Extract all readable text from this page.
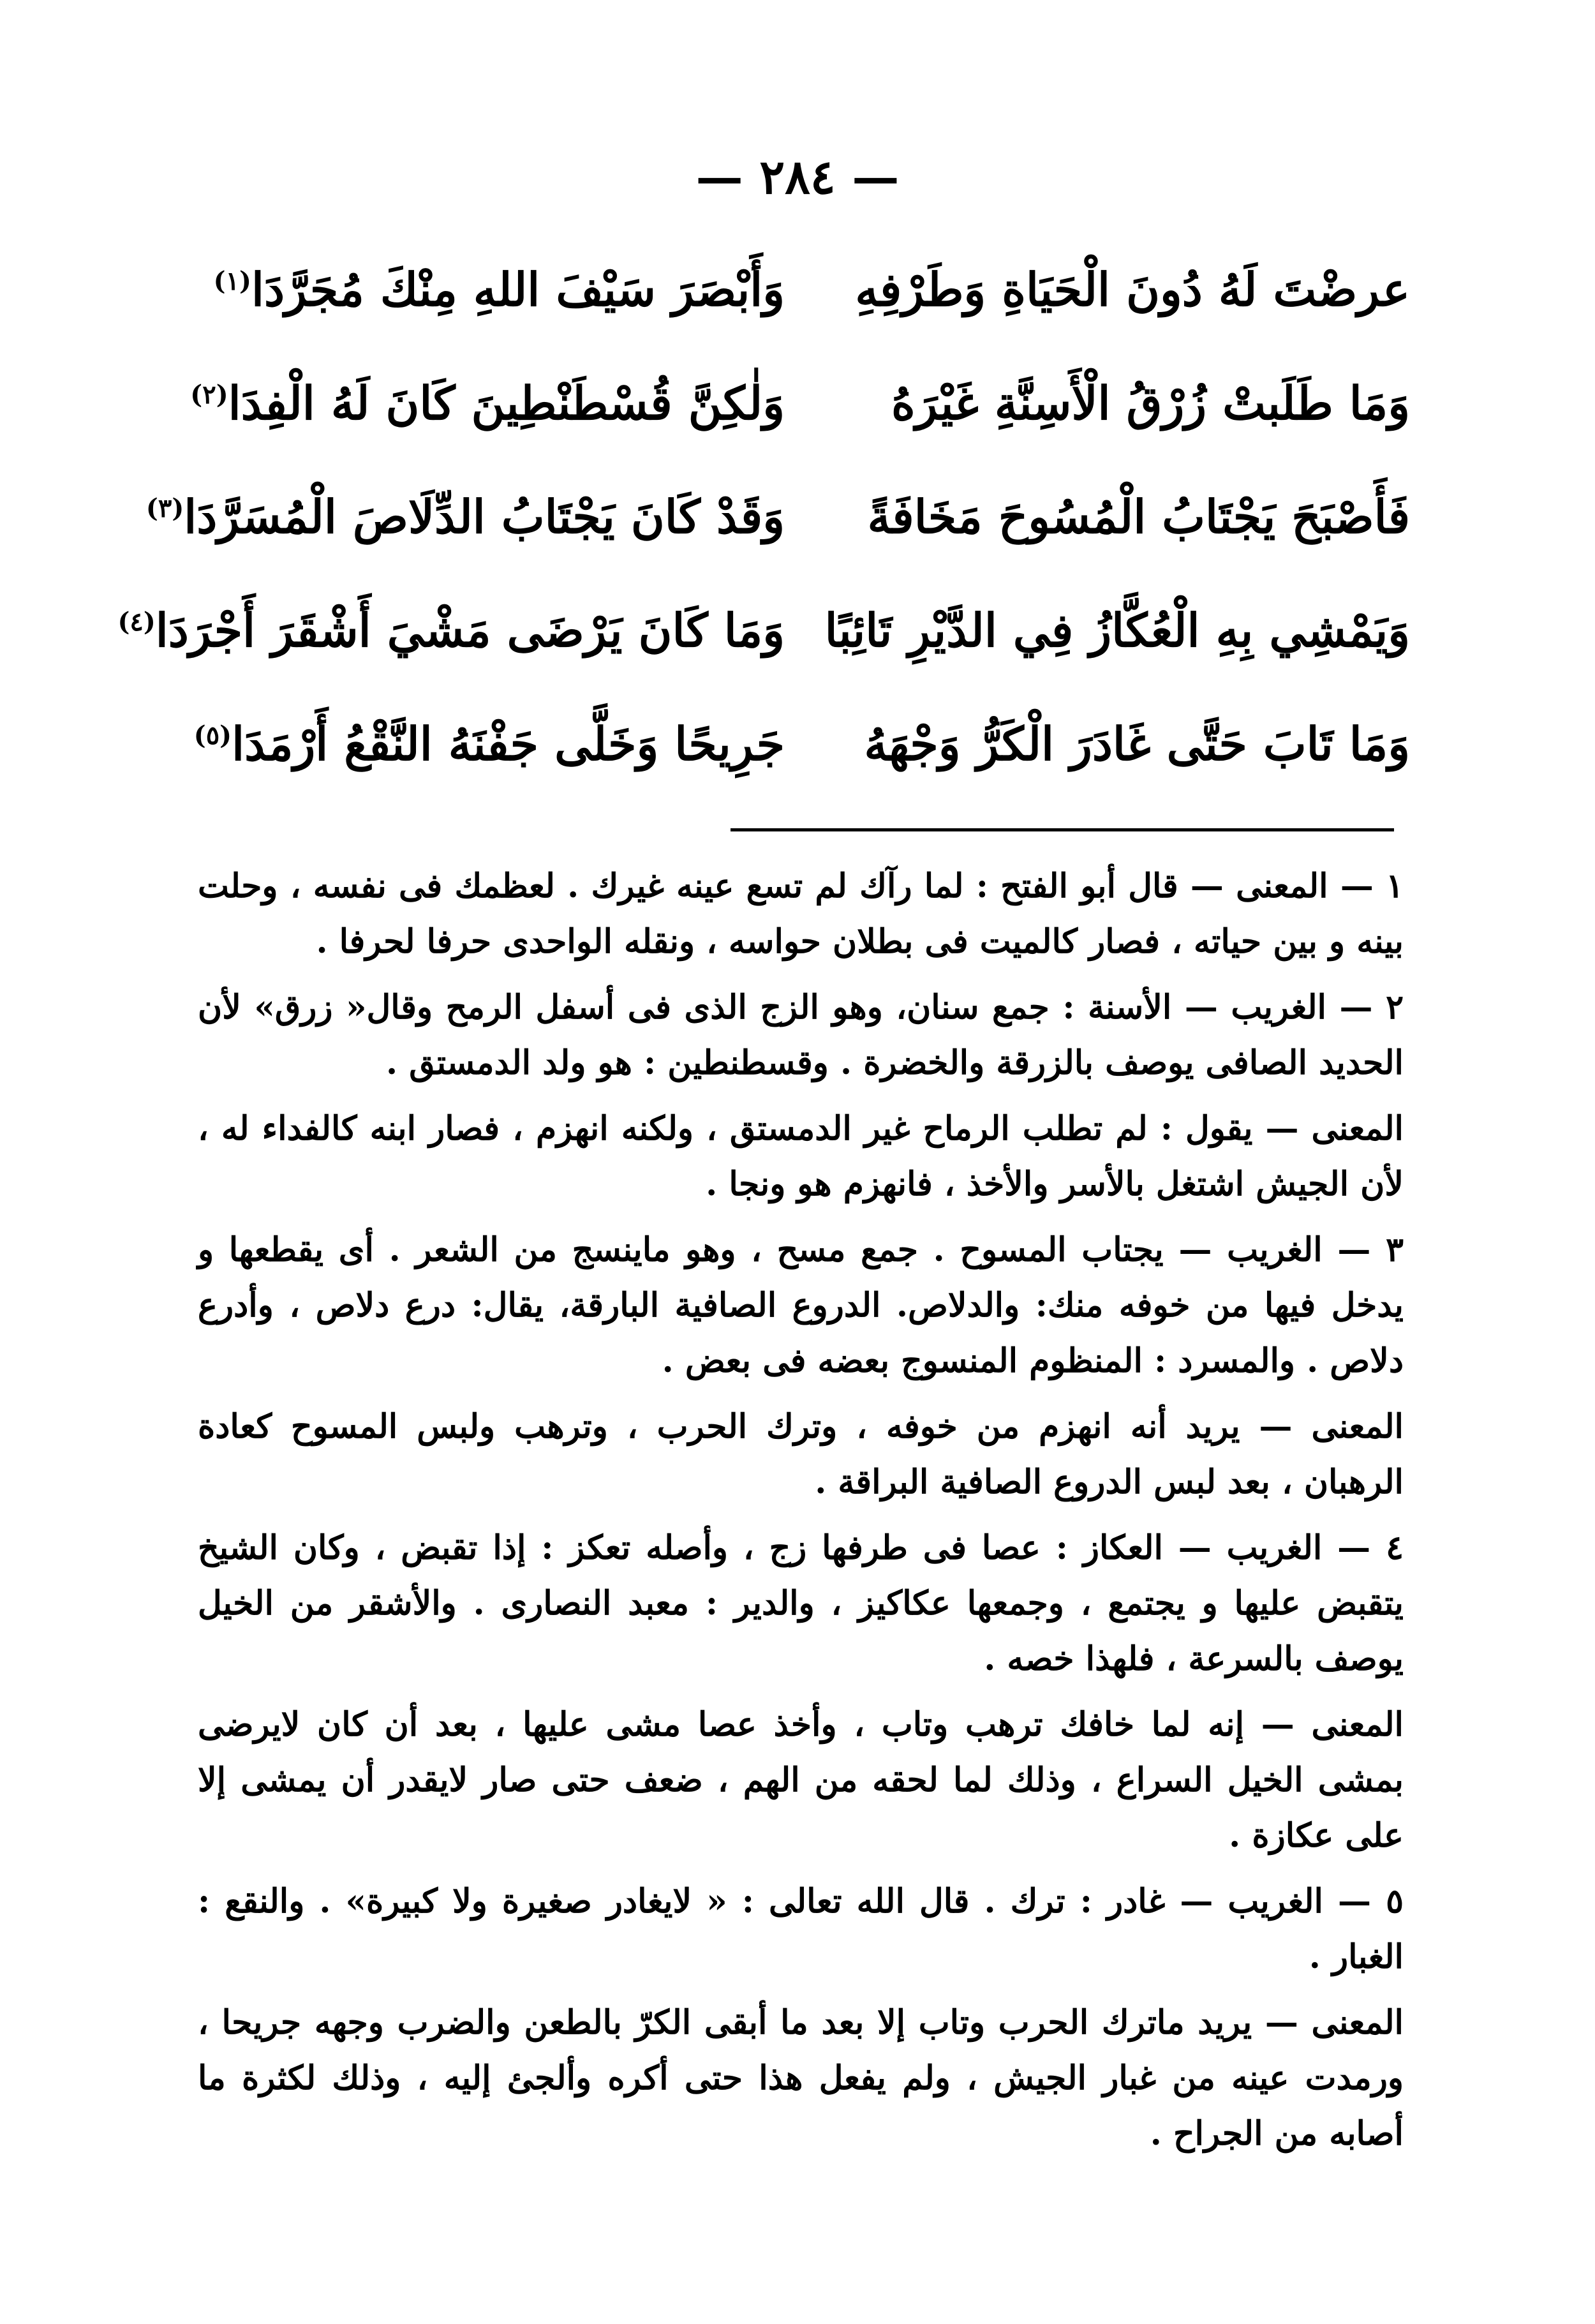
— ٢٨٤ —
عرضْتَ لَهُ دُونَ الْحَيَاةِ وَطَرْفِهِ
وَأَبْصَرَ سَيْفَ اللهِ مِنْكَ مُجَرَّدَا$^{(١)}$
وَمَا طَلَبتْ زُرْقُ الْأَسِنَّةِ غَيْرَهُ
وَلٰكِنَّ قُسْطَنْطِينَ كَانَ لَهُ الْفِدَا$^{(٢)}$
فَأَصْبَحَ يَجْتَابُ الْمُسُوحَ مَخَافَةً
وَقَدْ كَانَ يَجْتَابُ الدِّلَاصَ الْمُسَرَّدَا$^{(٣)}$
وَيَمْشِي بِهِ الْعُكَّازُ فِي الدَّيْرِ تَائِبًا
وَمَا كَانَ يَرْضَى مَشْيَ أَشْقَرَ أَجْرَدَا$^{(٤)}$
وَمَا تَابَ حَتَّى غَادَرَ الْكَرُّ وَجْهَهُ
جَرِيحًا وَخَلَّى جَفْنَهُ النَّقْعُ أَرْمَدَا$^{(٥)}$

١ — المعنى — قال أبو الفتح : لما رآك لم تسع عينه غيرك . لعظمك فى نفسه ، وحلت بينه و بين حياته ، فصار كالميت فى بطلان حواسه ، ونقله الواحدى حرفا لحرفا .

٢ — الغريب — الأسنة : جمع سنان، وهو الزج الذى فى أسفل الرمح وقال« زرق» لأن الحديد الصافى يوصف بالزرقة والخضرة . وقسطنطين : هو ولد الدمستق .

المعنى — يقول : لم تطلب الرماح غير الدمستق ، ولكنه انهزم ، فصار ابنه كالفداء له ، لأن الجيش اشتغل بالأسر والأخذ ، فانهزم هو ونجا .

٣ — الغريب — يجتاب المسوح . جمع مسح ، وهو ماينسج من الشعر . أى يقطعها و يدخل فيها من خوفه منك: والدلاص. الدروع الصافية البارقة، يقال: درع دلاص ، وأدرع دلاص . والمسرد : المنظوم المنسوج بعضه فى بعض .

المعنى — يريد أنه انهزم من خوفه ، وترك الحرب ، وترهب ولبس المسوح كعادة الرهبان ، بعد لبس الدروع الصافية البراقة .

٤ — الغريب — العكاز : عصا فى طرفها زج ، وأصله تعكز : إذا تقبض ، وكان الشيخ يتقبض عليها و يجتمع ، وجمعها عكاكيز ، والدير : معبد النصارى . والأشقر من الخيل يوصف بالسرعة ، فلهذا خصه .

المعنى — إنه لما خافك ترهب وتاب ، وأخذ عصا مشى عليها ، بعد أن كان لايرضى بمشى الخيل السراع ، وذلك لما لحقه من الهم ، ضعف حتى صار لايقدر أن يمشى إلا على عكازة .

٥ — الغريب — غادر : ترك . قال الله تعالى : « لايغادر صغيرة ولا كبيرة» . والنقع : الغبار .

المعنى — يريد ماترك الحرب وتاب إلا بعد ما أبقى الكرّ بالطعن والضرب وجهه جريحا ، ورمدت عينه من غبار الجيش ، ولم يفعل هذا حتى أكره وألجئ إليه ، وذلك لكثرة ما أصابه من الجراح .
